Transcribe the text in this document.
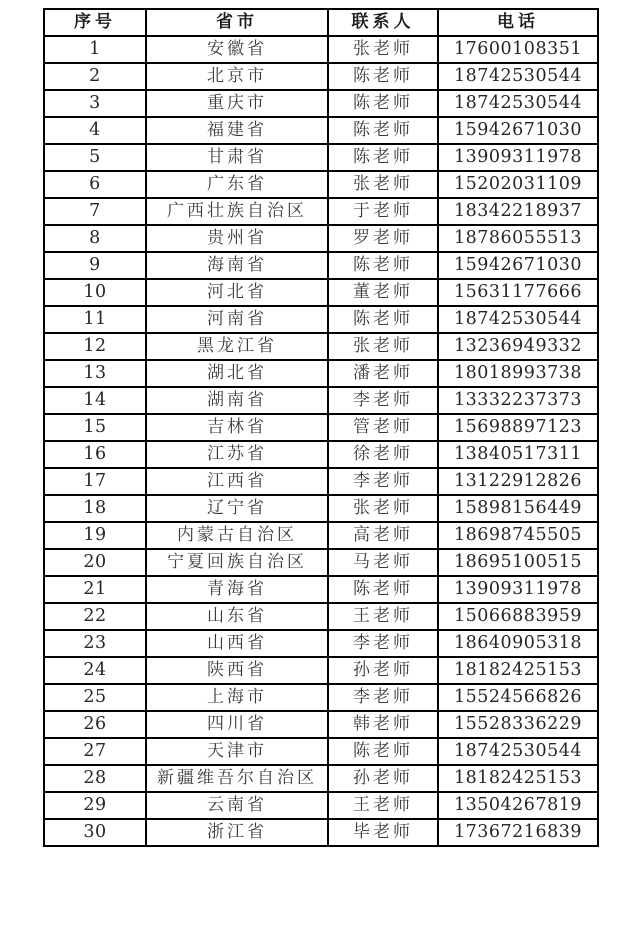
序号	省市	联系人	电话
1	安徽省	张老师	17600108351
2	北京市	陈老师	18742530544
3	重庆市	陈老师	18742530544
4	福建省	陈老师	15942671030
5	甘肃省	陈老师	13909311978
6	广东省	张老师	15202031109
7	广西壮族自治区	于老师	18342218937
8	贵州省	罗老师	18786055513
9	海南省	陈老师	15942671030
10	河北省	董老师	15631177666
11	河南省	陈老师	18742530544
12	黑龙江省	张老师	13236949332
13	湖北省	潘老师	18018993738
14	湖南省	李老师	13332237373
15	吉林省	管老师	15698897123
16	江苏省	徐老师	13840517311
17	江西省	李老师	13122912826
18	辽宁省	张老师	15898156449
19	内蒙古自治区	高老师	18698745505
20	宁夏回族自治区	马老师	18695100515
21	青海省	陈老师	13909311978
22	山东省	王老师	15066883959
23	山西省	李老师	18640905318
24	陕西省	孙老师	18182425153
25	上海市	李老师	15524566826
26	四川省	韩老师	15528336229
27	天津市	陈老师	18742530544
28	新疆维吾尔自治区	孙老师	18182425153
29	云南省	王老师	13504267819
30	浙江省	毕老师	17367216839
